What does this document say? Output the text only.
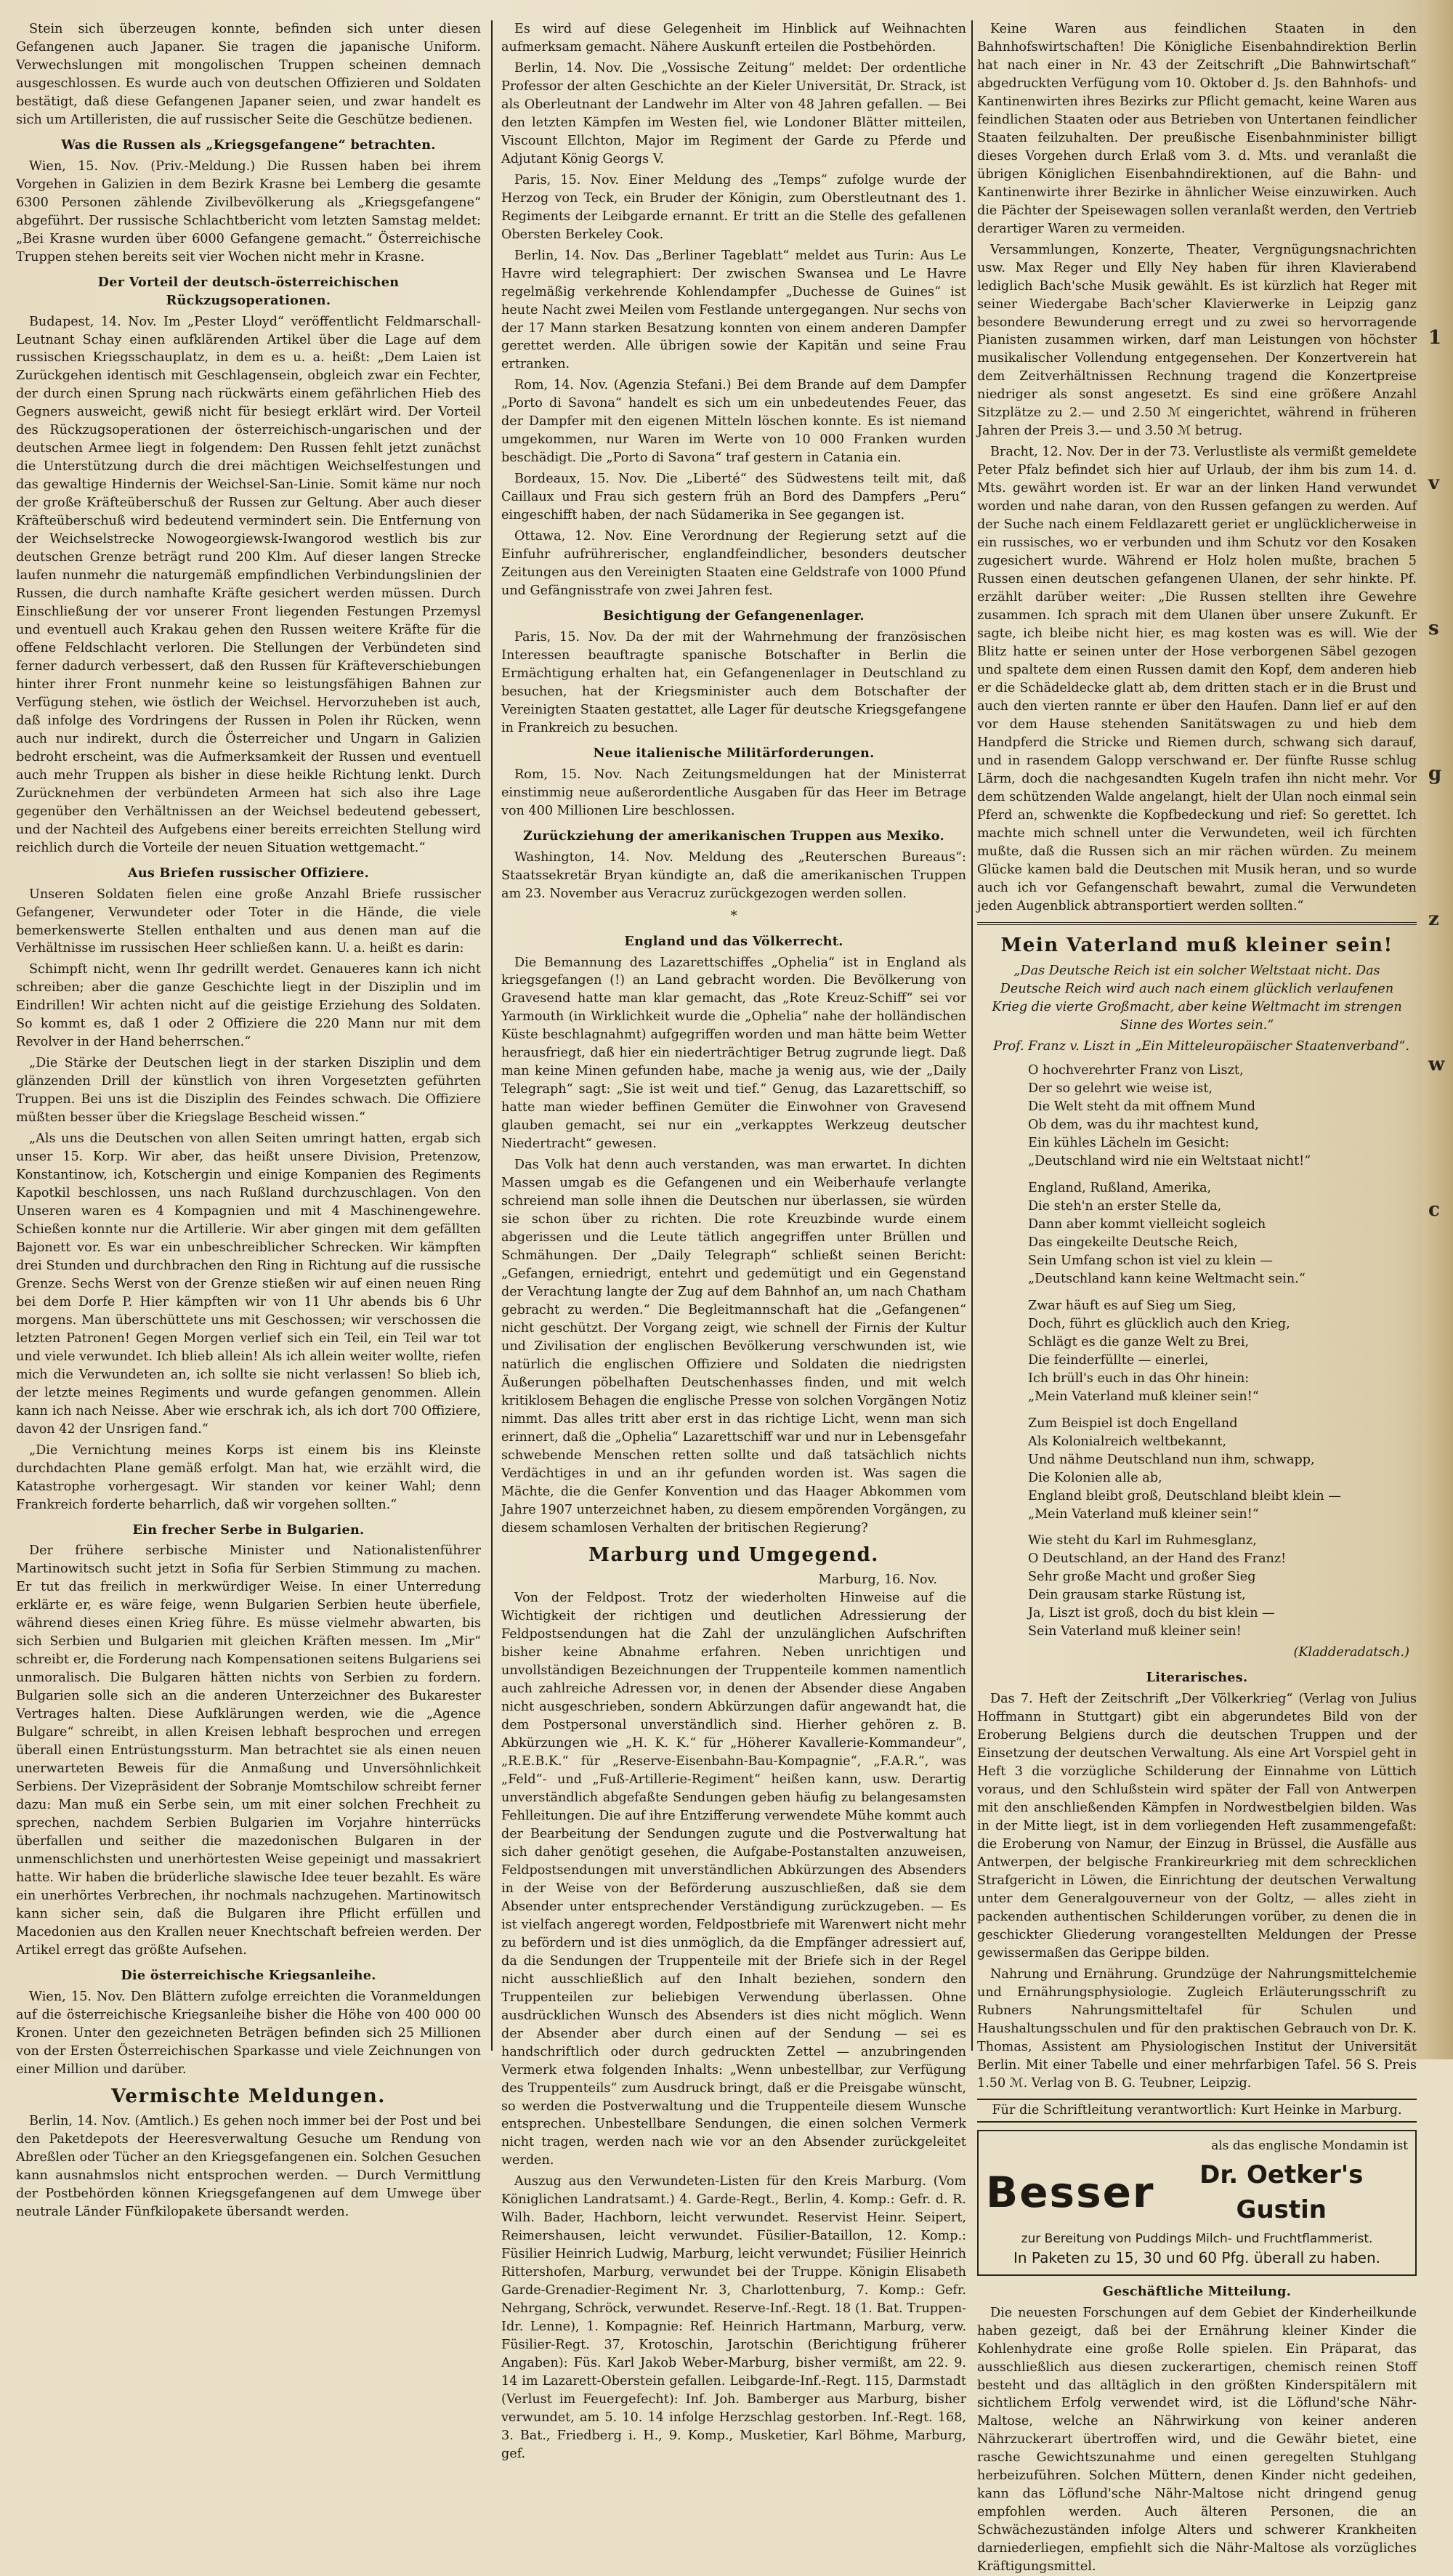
Stein sich überzeugen konnte, befinden sich unter diesen Gefangenen auch Japaner. Sie tragen die japanische Uniform. Verwechslungen mit mongolischen Truppen scheinen demnach ausgeschlossen. Es wurde auch von deutschen Offizieren und Soldaten bestätigt, daß diese Gefangenen Japaner seien, und zwar handelt es sich um Artilleristen, die auf russischer Seite die Geschütze bedienen.

Was die Russen als „Kriegsgefangene“ betrachten.

Wien, 15. Nov. (Priv.-Meldung.) Die Russen haben bei ihrem Vorgehen in Galizien in dem Bezirk Krasne bei Lemberg die gesamte 6300 Personen zählende Zivilbevölkerung als „Kriegsgefangene“ abgeführt. Der russische Schlachtbericht vom letzten Samstag meldet: „Bei Krasne wurden über 6000 Gefangene gemacht.“ Österreichische Truppen stehen bereits seit vier Wochen nicht mehr in Krasne.

Der Vorteil der deutsch-österreichischen Rückzugsoperationen.

Budapest, 14. Nov. Im „Pester Lloyd“ veröffentlicht Feldmarschall-Leutnant Schay einen aufklärenden Artikel über die Lage auf dem russischen Kriegsschauplatz, in dem es u. a. heißt: „Dem Laien ist Zurückgehen identisch mit Geschlagensein, obgleich zwar ein Fechter, der durch einen Sprung nach rückwärts einem gefährlichen Hieb des Gegners ausweicht, gewiß nicht für besiegt erklärt wird. Der Vorteil des Rückzugsoperationen der österreichisch-ungarischen und der deutschen Armee liegt in folgendem: Den Russen fehlt jetzt zunächst die Unterstützung durch die drei mächtigen Weichselfestungen und das gewaltige Hindernis der Weichsel-San-Linie. Somit käme nur noch der große Kräfteüberschuß der Russen zur Geltung. Aber auch dieser Kräfteüberschuß wird bedeutend vermindert sein. Die Entfernung von der Weichselstrecke Nowogeorgiewsk-Iwangorod westlich bis zur deutschen Grenze beträgt rund 200 Klm. Auf dieser langen Strecke laufen nunmehr die naturgemäß empfindlichen Verbindungslinien der Russen, die durch namhafte Kräfte gesichert werden müssen. Durch Einschließung der vor unserer Front liegenden Festungen Przemysl und eventuell auch Krakau gehen den Russen weitere Kräfte für die offene Feldschlacht verloren. Die Stellungen der Verbündeten sind ferner dadurch verbessert, daß den Russen für Kräfteverschiebungen hinter ihrer Front nunmehr keine so leistungsfähigen Bahnen zur Verfügung stehen, wie östlich der Weichsel. Hervorzuheben ist auch, daß infolge des Vordringens der Russen in Polen ihr Rücken, wenn auch nur indirekt, durch die Österreicher und Ungarn in Galizien bedroht erscheint, was die Aufmerksamkeit der Russen und eventuell auch mehr Truppen als bisher in diese heikle Richtung lenkt. Durch Zurücknehmen der verbündeten Armeen hat sich also ihre Lage gegenüber den Verhältnissen an der Weichsel bedeutend gebessert, und der Nachteil des Aufgebens einer bereits erreichten Stellung wird reichlich durch die Vorteile der neuen Situation wettgemacht.“

Aus Briefen russischer Offiziere.

Unseren Soldaten fielen eine große Anzahl Briefe russischer Gefangener, Verwundeter oder Toter in die Hände, die viele bemerkenswerte Stellen enthalten und aus denen man auf die Verhältnisse im russischen Heer schließen kann. U. a. heißt es darin:

Schimpft nicht, wenn Ihr gedrillt werdet. Genaueres kann ich nicht schreiben; aber die ganze Geschichte liegt in der Disziplin und im Eindrillen! Wir achten nicht auf die geistige Erziehung des Soldaten. So kommt es, daß 1 oder 2 Offiziere die 220 Mann nur mit dem Revolver in der Hand beherrschen.“

„Die Stärke der Deutschen liegt in der starken Disziplin und dem glänzenden Drill der künstlich von ihren Vorgesetzten geführten Truppen. Bei uns ist die Disziplin des Feindes schwach. Die Offiziere müßten besser über die Kriegslage Bescheid wissen.“

„Als uns die Deutschen von allen Seiten umringt hatten, ergab sich unser 15. Korp. Wir aber, das heißt unsere Division, Pretenzow, Konstantinow, ich, Kotschergin und einige Kompanien des Regiments Kapotkil beschlossen, uns nach Rußland durchzuschlagen. Von den Unseren waren es 4 Kompagnien und mit 4 Maschinengewehre. Schießen konnte nur die Artillerie. Wir aber gingen mit dem gefällten Bajonett vor. Es war ein unbeschreiblicher Schrecken. Wir kämpften drei Stunden und durchbrachen den Ring in Richtung auf die russische Grenze. Sechs Werst von der Grenze stießen wir auf einen neuen Ring bei dem Dorfe P. Hier kämpften wir von 11 Uhr abends bis 6 Uhr morgens. Man überschüttete uns mit Geschossen; wir verschossen die letzten Patronen! Gegen Morgen verlief sich ein Teil, ein Teil war tot und viele verwundet. Ich blieb allein! Als ich allein weiter wollte, riefen mich die Verwundeten an, ich sollte sie nicht verlassen! So blieb ich, der letzte meines Regiments und wurde gefangen genommen. Allein kann ich nach Neisse. Aber wie erschrak ich, als ich dort 700 Offiziere, davon 42 der Unsrigen fand.“

„Die Vernichtung meines Korps ist einem bis ins Kleinste durchdachten Plane gemäß erfolgt. Man hat, wie erzählt wird, die Katastrophe vorhergesagt. Wir standen vor keiner Wahl; denn Frankreich forderte beharrlich, daß wir vorgehen sollten.“

Ein frecher Serbe in Bulgarien.

Der frühere serbische Minister und Nationalistenführer Martinowitsch sucht jetzt in Sofia für Serbien Stimmung zu machen. Er tut das freilich in merkwürdiger Weise. In einer Unterredung erklärte er, es wäre feige, wenn Bulgarien Serbien heute überfiele, während dieses einen Krieg führe. Es müsse vielmehr abwarten, bis sich Serbien und Bulgarien mit gleichen Kräften messen. Im „Mir“ schreibt er, die Forderung nach Kompensationen seitens Bulgariens sei unmoralisch. Die Bulgaren hätten nichts von Serbien zu fordern. Bulgarien solle sich an die anderen Unterzeichner des Bukarester Vertrages halten. Diese Aufklärungen werden, wie die „Agence Bulgare“ schreibt, in allen Kreisen lebhaft besprochen und erregen überall einen Entrüstungssturm. Man betrachtet sie als einen neuen unerwarteten Beweis für die Anmaßung und Unversöhnlichkeit Serbiens. Der Vizepräsident der Sobranje Momtschilow schreibt ferner dazu: Man muß ein Serbe sein, um mit einer solchen Frechheit zu sprechen, nachdem Serbien Bulgarien im Vorjahre hinterrücks überfallen und seither die mazedonischen Bulgaren in der unmenschlichsten und unerhörtesten Weise gepeinigt und massakriert hatte. Wir haben die brüderliche slawische Idee teuer bezahlt. Es wäre ein unerhörtes Verbrechen, ihr nochmals nachzugehen. Martinowitsch kann sicher sein, daß die Bulgaren ihre Pflicht erfüllen und Macedonien aus den Krallen neuer Knechtschaft befreien werden. Der Artikel erregt das größte Aufsehen.

Die österreichische Kriegsanleihe.

Wien, 15. Nov. Den Blättern zufolge erreichten die Voranmeldungen auf die österreichische Kriegsanleihe bisher die Höhe von 400 000 00 Kronen. Unter den gezeichneten Beträgen befinden sich 25 Millionen von der Ersten Österreichischen Sparkasse und viele Zeichnungen von einer Million und darüber.

Vermischte Meldungen.

Berlin, 14. Nov. (Amtlich.) Es gehen noch immer bei der Post und bei den Paketdepots der Heeresverwaltung Gesuche um Rendung von Abreßlen oder Tücher an den Kriegsgefangenen ein. Solchen Gesuchen kann ausnahmslos nicht entsprochen werden. — Durch Vermittlung der Postbehörden können Kriegsgefangenen auf dem Umwege über neutrale Länder Fünfkilopakete übersandt werden.

Es wird auf diese Gelegenheit im Hinblick auf Weihnachten aufmerksam gemacht. Nähere Auskunft erteilen die Postbehörden.

Berlin, 14. Nov. Die „Vossische Zeitung“ meldet: Der ordentliche Professor der alten Geschichte an der Kieler Universität, Dr. Strack, ist als Oberleutnant der Landwehr im Alter von 48 Jahren gefallen. — Bei den letzten Kämpfen im Westen fiel, wie Londoner Blätter mitteilen, Viscount Ellchton, Major im Regiment der Garde zu Pferde und Adjutant König Georgs V.

Paris, 15. Nov. Einer Meldung des „Temps“ zufolge wurde der Herzog von Teck, ein Bruder der Königin, zum Oberstleutnant des 1. Regiments der Leibgarde ernannt. Er tritt an die Stelle des gefallenen Obersten Berkeley Cook.

Berlin, 14. Nov. Das „Berliner Tageblatt“ meldet aus Turin: Aus Le Havre wird telegraphiert: Der zwischen Swansea und Le Havre regelmäßig verkehrende Kohlendampfer „Duchesse de Guines“ ist heute Nacht zwei Meilen vom Festlande untergegangen. Nur sechs von der 17 Mann starken Besatzung konnten von einem anderen Dampfer gerettet werden. Alle übrigen sowie der Kapitän und seine Frau ertranken.

Rom, 14. Nov. (Agenzia Stefani.) Bei dem Brande auf dem Dampfer „Porto di Savona“ handelt es sich um ein unbedeutendes Feuer, das der Dampfer mit den eigenen Mitteln löschen konnte. Es ist niemand umgekommen, nur Waren im Werte von 10 000 Franken wurden beschädigt. Die „Porto di Savona“ traf gestern in Catania ein.

Bordeaux, 15. Nov. Die „Liberté“ des Südwestens teilt mit, daß Caillaux und Frau sich gestern früh an Bord des Dampfers „Peru“ eingeschifft haben, der nach Südamerika in See gegangen ist.

Ottawa, 12. Nov. Eine Verordnung der Regierung setzt auf die Einfuhr aufrührerischer, englandfeindlicher, besonders deutscher Zeitungen aus den Vereinigten Staaten eine Geldstrafe von 1000 Pfund und Gefängnisstrafe von zwei Jahren fest.

Besichtigung der Gefangenenlager.

Paris, 15. Nov. Da der mit der Wahrnehmung der französischen Interessen beauftragte spanische Botschafter in Berlin die Ermächtigung erhalten hat, ein Gefangenenlager in Deutschland zu besuchen, hat der Kriegsminister auch dem Botschafter der Vereinigten Staaten gestattet, alle Lager für deutsche Kriegsgefangene in Frankreich zu besuchen.

Neue italienische Militärforderungen.

Rom, 15. Nov. Nach Zeitungsmeldungen hat der Ministerrat einstimmig neue außerordentliche Ausgaben für das Heer im Betrage von 400 Millionen Lire beschlossen.

Zurückziehung der amerikanischen Truppen aus Mexiko.

Washington, 14. Nov. Meldung des „Reuterschen Bureaus“: Staatssekretär Bryan kündigte an, daß die amerikanischen Truppen am 23. November aus Veracruz zurückgezogen werden sollen.

*
England und das Völkerrecht.

Die Bemannung des Lazarettschiffes „Ophelia“ ist in England als kriegsgefangen (!) an Land gebracht worden. Die Bevölkerung von Gravesend hatte man klar gemacht, das „Rote Kreuz-Schiff“ sei vor Yarmouth (in Wirklichkeit wurde die „Ophelia“ nahe der holländischen Küste beschlagnahmt) aufgegriffen worden und man hätte beim Wetter herausfriegt, daß hier ein niederträchtiger Betrug zugrunde liegt. Daß man keine Minen gefunden habe, mache ja wenig aus, wie der „Daily Telegraph“ sagt: „Sie ist weit und tief.“ Genug, das Lazarettschiff, so hatte man wieder beffinen Gemüter die Einwohner von Gravesend glauben gemacht, sei nur ein „verkapptes Werkzeug deutscher Niedertracht“ gewesen.

Das Volk hat denn auch verstanden, was man erwartet. In dichten Massen umgab es die Gefangenen und ein Weiberhaufe verlangte schreiend man solle ihnen die Deutschen nur überlassen, sie würden sie schon über zu richten. Die rote Kreuzbinde wurde einem abgerissen und die Leute tätlich angegriffen unter Brüllen und Schmähungen. Der „Daily Telegraph“ schließt seinen Bericht: „Gefangen, erniedrigt, entehrt und gedemütigt und ein Gegenstand der Verachtung langte der Zug auf dem Bahnhof an, um nach Chatham gebracht zu werden.“ Die Begleitmannschaft hat die „Gefangenen“ nicht geschützt. Der Vorgang zeigt, wie schnell der Firnis der Kultur und Zivilisation der englischen Bevölkerung verschwunden ist, wie natürlich die englischen Offiziere und Soldaten die niedrigsten Äußerungen pöbelhaften Deutschenhasses finden, und mit welch kritiklosem Behagen die englische Presse von solchen Vorgängen Notiz nimmt. Das alles tritt aber erst in das richtige Licht, wenn man sich erinnert, daß die „Ophelia“ Lazarettschiff war und nur in Lebensgefahr schwebende Menschen retten sollte und daß tatsächlich nichts Verdächtiges in und an ihr gefunden worden ist. Was sagen die Mächte, die die Genfer Konvention und das Haager Abkommen vom Jahre 1907 unterzeichnet haben, zu diesem empörenden Vorgängen, zu diesem schamlosen Verhalten der britischen Regierung?

Marburg und Umgegend.
Marburg, 16. Nov.

Von der Feldpost. Trotz der wiederholten Hinweise auf die Wichtigkeit der richtigen und deutlichen Adressierung der Feldpostsendungen hat die Zahl der unzulänglichen Aufschriften bisher keine Abnahme erfahren. Neben unrichtigen und unvollständigen Bezeichnungen der Truppenteile kommen namentlich auch zahlreiche Adressen vor, in denen der Absender diese Angaben nicht ausgeschrieben, sondern Abkürzungen dafür angewandt hat, die dem Postpersonal unverständlich sind. Hierher gehören z. B. Abkürzungen wie „H. K. K.“ für „Höherer Kavallerie-Kommandeur“, „R.E.B.K.“ für „Reserve-Eisenbahn-Bau-Kompagnie“, „F.A.R.“, was „Feld“- und „Fuß-Artillerie-Regiment“ heißen kann, usw. Derartig unverständlich abgefaßte Sendungen geben häufig zu belangesamsten Fehlleitungen. Die auf ihre Entzifferung verwendete Mühe kommt auch der Bearbeitung der Sendungen zugute und die Postverwaltung hat sich daher genötigt gesehen, die Aufgabe-Postanstalten anzuweisen, Feldpostsendungen mit unverständlichen Abkürzungen des Absenders in der Weise von der Beförderung auszuschließen, daß sie dem Absender unter entsprechender Verständigung zurückzugeben. — Es ist vielfach angeregt worden, Feldpostbriefe mit Warenwert nicht mehr zu befördern und ist dies unmöglich, da die Empfänger adressiert auf, da die Sendungen der Truppenteile mit der Briefe sich in der Regel nicht ausschließlich auf den Inhalt beziehen, sondern den Truppenteilen zur beliebigen Verwendung überlassen. Ohne ausdrücklichen Wunsch des Absenders ist dies nicht möglich. Wenn der Absender aber durch einen auf der Sendung — sei es handschriftlich oder durch gedruckten Zettel — anzubringenden Vermerk etwa folgenden Inhalts: „Wenn unbestellbar, zur Verfügung des Truppenteils“ zum Ausdruck bringt, daß er die Preisgabe wünscht, so werden die Postverwaltung und die Truppenteile diesem Wunsche entsprechen. Unbestellbare Sendungen, die einen solchen Vermerk nicht tragen, werden nach wie vor an den Absender zurückgeleitet werden.

Auszug aus den Verwundeten-Listen für den Kreis Marburg. (Vom Königlichen Landratsamt.) 4. Garde-Regt., Berlin, 4. Komp.: Gefr. d. R. Wilh. Bader, Hachborn, leicht verwundet. Reservist Heinr. Seipert, Reimershausen, leicht verwundet. Füsilier-Bataillon, 12. Komp.: Füsilier Heinrich Ludwig, Marburg, leicht verwundet; Füsilier Heinrich Rittershofen, Marburg, verwundet bei der Truppe. Königin Elisabeth Garde-Grenadier-Regiment Nr. 3, Charlottenburg, 7. Komp.: Gefr. Nehrgang, Schröck, verwundet. Reserve-Inf.-Regt. 18 (1. Bat. Truppen-Idr. Lenne), 1. Kompagnie: Ref. Heinrich Hartmann, Marburg, verw. Füsilier-Regt. 37, Krotoschin, Jarotschin (Berichtigung früherer Angaben): Füs. Karl Jakob Weber-Marburg, bisher vermißt, am 22. 9. 14 im Lazarett-Oberstein gefallen. Leibgarde-Inf.-Regt. 115, Darmstadt (Verlust im Feuergefecht): Inf. Joh. Bamberger aus Marburg, bisher verwundet, am 5. 10. 14 infolge Herzschlag gestorben. Inf.-Regt. 168, 3. Bat., Friedberg i. H., 9. Komp., Musketier, Karl Böhme, Marburg, gef.

Keine Waren aus feindlichen Staaten in den Bahnhofswirtschaften! Die Königliche Eisenbahndirektion Berlin hat nach einer in Nr. 43 der Zeitschrift „Die Bahnwirtschaft“ abgedruckten Verfügung vom 10. Oktober d. Js. den Bahnhofs- und Kantinenwirten ihres Bezirks zur Pflicht gemacht, keine Waren aus feindlichen Staaten oder aus Betrieben von Untertanen feindlicher Staaten feilzuhalten. Der preußische Eisenbahnminister billigt dieses Vorgehen durch Erlaß vom 3. d. Mts. und veranlaßt die übrigen Königlichen Eisenbahndirektionen, auf die Bahn- und Kantinenwirte ihrer Bezirke in ähnlicher Weise einzuwirken. Auch die Pächter der Speisewagen sollen veranlaßt werden, den Vertrieb derartiger Waren zu vermeiden.

Versammlungen, Konzerte, Theater, Vergnügungsnachrichten usw. Max Reger und Elly Ney haben für ihren Klavierabend lediglich Bach'sche Musik gewählt. Es ist kürzlich hat Reger mit seiner Wiedergabe Bach'scher Klavierwerke in Leipzig ganz besondere Bewunderung erregt und zu zwei so hervorragende Pianisten zusammen wirken, darf man Leistungen von höchster musikalischer Vollendung entgegensehen. Der Konzertverein hat dem Zeitverhältnissen Rechnung tragend die Konzertpreise niedriger als sonst angesetzt. Es sind eine größere Anzahl Sitzplätze zu 2.— und 2.50 ℳ eingerichtet, während in früheren Jahren der Preis 3.— und 3.50 ℳ betrug.

Bracht, 12. Nov. Der in der 73. Verlustliste als vermißt gemeldete Peter Pfalz befindet sich hier auf Urlaub, der ihm bis zum 14. d. Mts. gewährt worden ist. Er war an der linken Hand verwundet worden und nahe daran, von den Russen gefangen zu werden. Auf der Suche nach einem Feldlazarett geriet er unglücklicherweise in ein russisches, wo er verbunden und ihm Schutz vor den Kosaken zugesichert wurde. Während er Holz holen mußte, brachen 5 Russen einen deutschen gefangenen Ulanen, der sehr hinkte. Pf. erzählt darüber weiter: „Die Russen stellten ihre Gewehre zusammen. Ich sprach mit dem Ulanen über unsere Zukunft. Er sagte, ich bleibe nicht hier, es mag kosten was es will. Wie der Blitz hatte er seinen unter der Hose verborgenen Säbel gezogen und spaltete dem einen Russen damit den Kopf, dem anderen hieb er die Schädeldecke glatt ab, dem dritten stach er in die Brust und auch den vierten rannte er über den Haufen. Dann lief er auf den vor dem Hause stehenden Sanitätswagen zu und hieb dem Handpferd die Stricke und Riemen durch, schwang sich darauf, und in rasendem Galopp verschwand er. Der fünfte Russe schlug Lärm, doch die nachgesandten Kugeln trafen ihn nicht mehr. Vor dem schützenden Walde angelangt, hielt der Ulan noch einmal sein Pferd an, schwenkte die Kopfbedeckung und rief: So gerettet. Ich machte mich schnell unter die Verwundeten, weil ich fürchten mußte, daß die Russen sich an mir rächen würden. Zu meinem Glücke kamen bald die Deutschen mit Musik heran, und so wurde auch ich vor Gefangenschaft bewahrt, zumal die Verwundeten jeden Augenblick abtransportiert werden sollten.“

Mein Vaterland muß kleiner sein!
„Das Deutsche Reich ist ein solcher Weltstaat nicht. Das Deutsche Reich wird auch nach einem glücklich verlaufenen Krieg die vierte Großmacht, aber keine Weltmacht im strengen Sinne des Wortes sein.“
Prof. Franz v. Liszt in „Ein Mitteleuropäischer Staatenverband“.

O hochverehrter Franz von Liszt,

Der so gelehrt wie weise ist,

Die Welt steht da mit offnem Mund

Ob dem, was du ihr machtest kund,

Ein kühles Lächeln im Gesicht:

„Deutschland wird nie ein Weltstaat nicht!“

England, Rußland, Amerika,

Die steh'n an erster Stelle da,

Dann aber kommt vielleicht sogleich

Das eingekeilte Deutsche Reich,

Sein Umfang schon ist viel zu klein —

„Deutschland kann keine Weltmacht sein.“

Zwar häuft es auf Sieg um Sieg,

Doch, führt es glücklich auch den Krieg,

Schlägt es die ganze Welt zu Brei,

Die feinderfüllte — einerlei,

Ich brüll's euch in das Ohr hinein:

„Mein Vaterland muß kleiner sein!“

Zum Beispiel ist doch Engelland

Als Kolonialreich weltbekannt,

Und nähme Deutschland nun ihm, schwapp,

Die Kolonien alle ab,

England bleibt groß, Deutschland bleibt klein —

„Mein Vaterland muß kleiner sein!“

Wie steht du Karl im Ruhmesglanz,

O Deutschland, an der Hand des Franz!

Sehr große Macht und großer Sieg

Dein grausam starke Rüstung ist,

Ja, Liszt ist groß, doch du bist klein —

Sein Vaterland muß kleiner sein!

(Kladderadatsch.)
Literarisches.

Das 7. Heft der Zeitschrift „Der Völkerkrieg“ (Verlag von Julius Hoffmann in Stuttgart) gibt ein abgerundetes Bild von der Eroberung Belgiens durch die deutschen Truppen und der Einsetzung der deutschen Verwaltung. Als eine Art Vorspiel geht in Heft 3 die vorzügliche Schilderung der Einnahme von Lüttich voraus, und den Schlußstein wird später der Fall von Antwerpen mit den anschließenden Kämpfen in Nordwestbelgien bilden. Was in der Mitte liegt, ist in dem vorliegenden Heft zusammengefaßt: die Eroberung von Namur, der Einzug in Brüssel, die Ausfälle aus Antwerpen, der belgische Frankireurkrieg mit dem schrecklichen Strafgericht in Löwen, die Einrichtung der deutschen Verwaltung unter dem Generalgouverneur von der Goltz, — alles zieht in packenden authentischen Schilderungen vorüber, zu denen die in geschickter Gliederung vorangestellten Meldungen der Presse gewissermaßen das Gerippe bilden.

Nahrung und Ernährung. Grundzüge der Nahrungsmittelchemie und Ernährungsphysiologie. Zugleich Erläuterungsschrift zu Rubners Nahrungsmitteltafel für Schulen und Haushaltungsschulen und für den praktischen Gebrauch von Dr. K. Thomas, Assistent am Physiologischen Institut der Universität Berlin. Mit einer Tabelle und einer mehrfarbigen Tafel. 56 S. Preis 1.50 ℳ. Verlag von B. G. Teubner, Leipzig.

Für die Schriftleitung verantwortlich: Kurt Heinke in Marburg.
als das englische Mondamin ist
Besser	Dr. Oetker's Gustin
zur Bereitung von Puddings Milch- und Fruchtflammerist.
In Paketen zu 15, 30 und 60 Pfg. überall zu haben.
Geschäftliche Mitteilung.

Die neuesten Forschungen auf dem Gebiet der Kinderheilkunde haben gezeigt, daß bei der Ernährung kleiner Kinder die Kohlenhydrate eine große Rolle spielen. Ein Präparat, das ausschließlich aus diesen zuckerartigen, chemisch reinen Stoff besteht und das alltäglich in den größten Kinderspitälern mit sichtlichem Erfolg verwendet wird, ist die Löflund'sche Nähr-Maltose, welche an Nährwirkung von keiner anderen Nährzuckerart übertroffen wird, und die Gewähr bietet, eine rasche Gewichtszunahme und einen geregelten Stuhlgang herbeizuführen. Solchen Müttern, denen Kinder nicht gedeihen, kann das Löflund'sche Nähr-Maltose nicht dringend genug empfohlen werden. Auch älteren Personen, die an Schwächezuständen infolge Alters und schwerer Krankheiten darniederliegen, empfiehlt sich die Nähr-Maltose als vorzügliches Kräftigungsmittel.

1
v
s
g
z
w
c
